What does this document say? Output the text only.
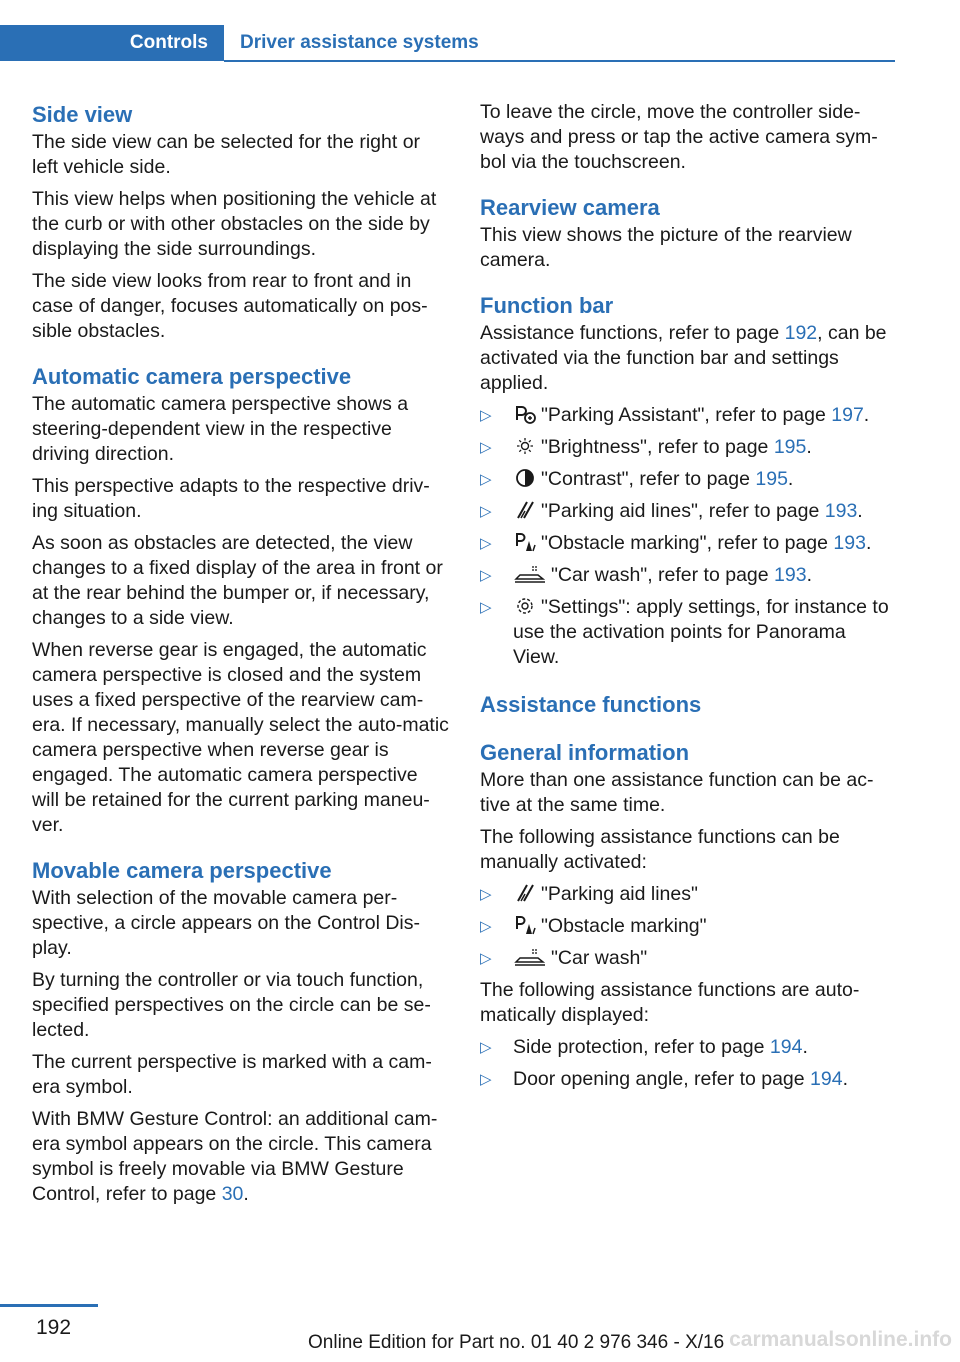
Controls	Driver assistance systems
Side view

The side view can be selected for the right or left vehicle side.

This view helps when positioning the vehicle at the curb or with other obstacles on the side by displaying the side surroundings.

The side view looks from rear to front and in case of danger, focuses automatically on pos-sible obstacles.

Automatic camera perspective

The automatic camera perspective shows a steering-dependent view in the respective driving direction.

This perspective adapts to the respective driv-ing situation.

As soon as obstacles are detected, the view changes to a fixed display of the area in front or at the rear behind the bumper or, if necessary, changes to a side view.

When reverse gear is engaged, the automatic camera perspective is closed and the system uses a fixed perspective of the rearview cam-era. If necessary, manually select the auto-matic camera perspective when reverse gear is engaged. The automatic camera perspective will be retained for the current parking maneu-ver.

Movable camera perspective

With selection of the movable camera per-spective, a circle appears on the Control Dis-play.

By turning the controller or via touch function, specified perspectives on the circle can be se-lected.

The current perspective is marked with a cam-era symbol.

With BMW Gesture Control: an additional cam-era symbol appears on the circle. This camera symbol is freely movable via BMW Gesture Control, refer to page 30.

To leave the circle, move the controller side-ways and press or tap the active camera sym-bol via the touchscreen.

Rearview camera

This view shows the picture of the rearview camera.

Function bar

Assistance functions, refer to page 192, can be activated via the function bar and settings applied.

▷	"Parking Assistant", refer to page 197.
▷	"Brightness", refer to page 195.
▷	"Contrast", refer to page 195.
▷	"Parking aid lines", refer to page 193.
▷	"Obstacle marking", refer to page 193.
▷	"Car wash", refer to page 193.
▷	"Settings": apply settings, for instance to use the activation points for Panorama View.
Assistance functions
General information

More than one assistance function can be ac-tive at the same time.

The following assistance functions can be manually activated:

▷	"Parking aid lines"
▷	"Obstacle marking"
▷	"Car wash"

The following assistance functions are auto-matically displayed:

▷ Side protection, refer to page 194.
▷ Door opening angle, refer to page 194.
192
Online Edition for Part no. 01 40 2 976 346 - X/16 carmanualsonline.info
